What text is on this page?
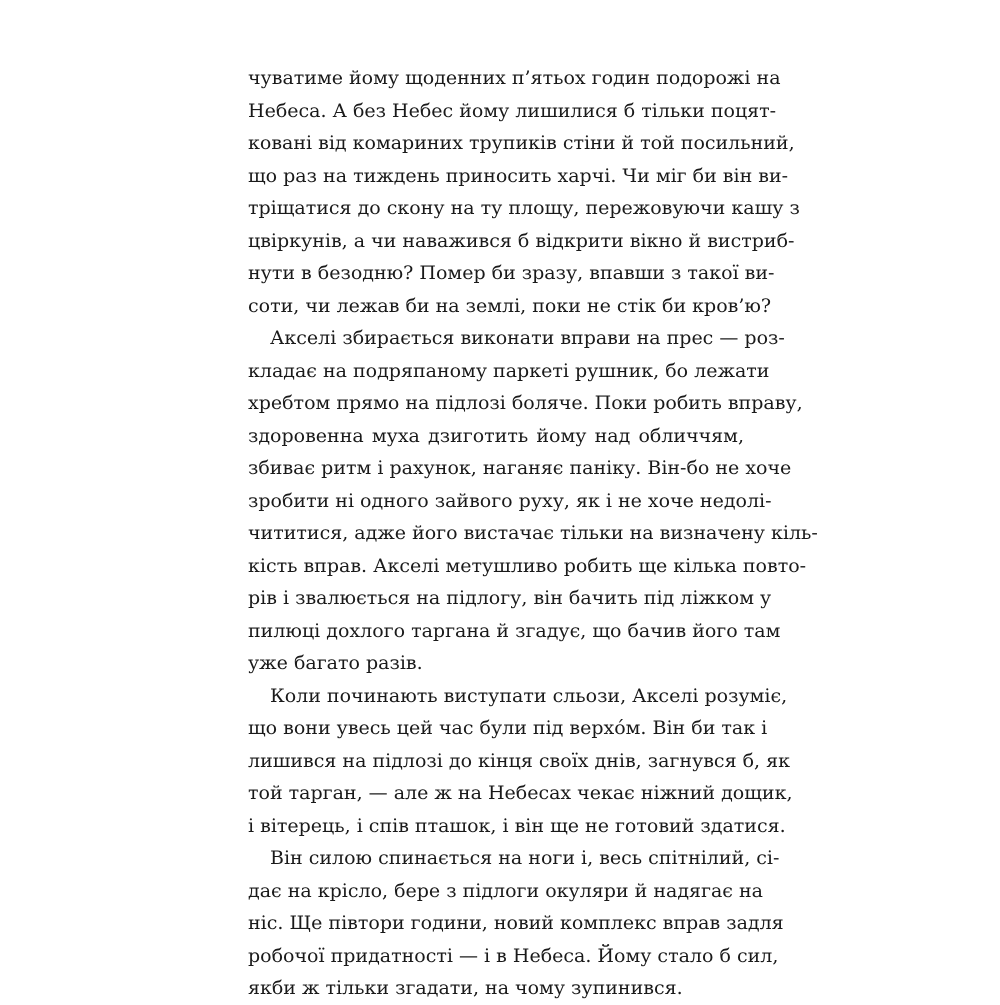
чуватиме йому щоденних п’ятьох годин подорожі на
Небеса. А без Небес йому лишилися б тільки поцят-
ковані від комариних трупиків стіни й той посильний,
що раз на тиждень приносить харчі. Чи міг би він ви-
тріщатися до скону на ту площу, пережовуючи кашу з
цвіркунів, а чи наважився б відкрити вікно й вистриб-
нути в безодню? Помер би зразу, впавши з такої ви-
соти, чи лежав би на землі, поки не стік би кров’ю?
Акселі збирається виконати вправи на прес — роз-
кладає на подряпаному паркеті рушник, бо лежати
хребтом прямо на підлозі боляче. Поки робить вправу,
здоровенна муха дзиготить йому над обличчям,
збиває ритм і рахунок, наганяє паніку. Він-бо не хоче
зробити ні одного зайвого руху, як і не хоче недолі-
чититися, адже його вистачає тільки на визначену кіль-
кість вправ. Акселі метушливо робить ще кілька повто-
рів і звалюється на підлогу, він бачить під ліжком у
пилюці дохлого таргана й згадує, що бачив його там
уже багато разів.
Коли починають виступати сльози, Акселі розуміє,
що вони увесь цей час були під верхо́м. Він би так і
лишився на підлозі до кінця своїх днів, загнувся б, як
той тарган, — але ж на Небесах чекає ніжний дощик,
і вітерець, і спів пташок, і він ще не готовий здатися.
Він силою спинається на ноги і, весь спітнілий, сі-
дає на крісло, бере з підлоги окуляри й надягає на
ніс. Ще півтори години, новий комплекс вправ задля
робочої придатності — і в Небеса. Йому стало б сил,
якби ж тільки згадати, на чому зупинився.
